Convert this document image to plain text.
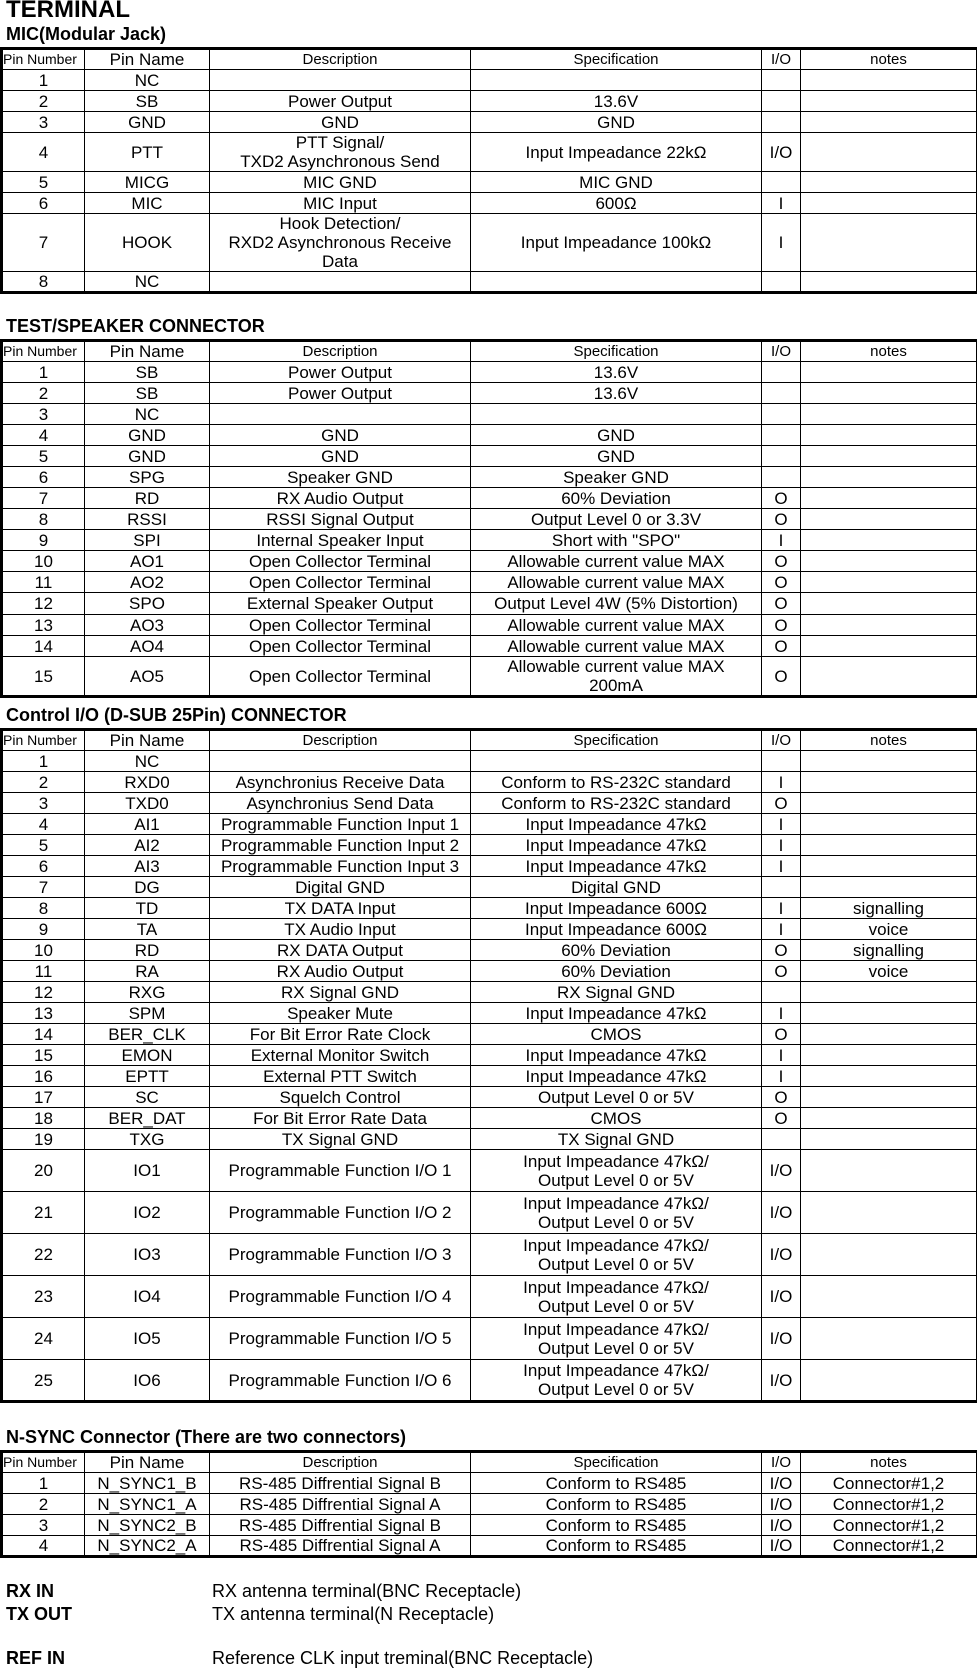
TERMINAL
MIC(Modular Jack)
Pin Number	Pin Name	Description	Specification	I/O	notes
1	NC				
2	SB	Power Output	13.6V		
3	GND	GND	GND		
4	PTT	PTT Signal/
TXD2 Asynchronous Send	Input Impeadance 22kΩ	I/O	
5	MICG	MIC GND	MIC GND		
6	MIC	MIC Input	600Ω	I	
7	HOOK	Hook Detection/
RXD2 Asynchronous Receive
Data	Input Impeadance 100kΩ	I	
8	NC				
TEST/SPEAKER CONNECTOR
Pin Number	Pin Name	Description	Specification	I/O	notes
1	SB	Power Output	13.6V		
2	SB	Power Output	13.6V		
3	NC				
4	GND	GND	GND		
5	GND	GND	GND		
6	SPG	Speaker GND	Speaker GND		
7	RD	RX Audio Output	60% Deviation	O	
8	RSSI	RSSI Signal Output	Output Level 0 or 3.3V	O	
9	SPI	Internal Speaker Input	Short with "SPO"	I	
10	AO1	Open Collector Terminal	Allowable current value MAX	O	
11	AO2	Open Collector Terminal	Allowable current value MAX	O	
12	SPO	External Speaker Output	Output Level 4W (5% Distortion)	O	
13	AO3	Open Collector Terminal	Allowable current value MAX	O	
14	AO4	Open Collector Terminal	Allowable current value MAX	O	
15	AO5	Open Collector Terminal	Allowable current value MAX
200mA	O	
Control I/O (D-SUB 25Pin) CONNECTOR
Pin Number	Pin Name	Description	Specification	I/O	notes
1	NC				
2	RXD0	Asynchronius Receive Data	Conform to RS-232C standard	I	
3	TXD0	Asynchronius Send Data	Conform to RS-232C standard	O	
4	AI1	Programmable Function Input 1	Input Impeadance 47kΩ	I	
5	AI2	Programmable Function Input 2	Input Impeadance 47kΩ	I	
6	AI3	Programmable Function Input 3	Input Impeadance 47kΩ	I	
7	DG	Digital GND	Digital GND		
8	TD	TX DATA Input	Input Impeadance 600Ω	I	signalling
9	TA	TX Audio Input	Input Impeadance 600Ω	I	voice
10	RD	RX DATA Output	60% Deviation	O	signalling
11	RA	RX Audio Output	60% Deviation	O	voice
12	RXG	RX Signal GND	RX Signal GND		
13	SPM	Speaker Mute	Input Impeadance 47kΩ	I	
14	BER_CLK	For Bit Error Rate Clock	CMOS	O	
15	EMON	External Monitor Switch	Input Impeadance 47kΩ	I	
16	EPTT	External PTT Switch	Input Impeadance 47kΩ	I	
17	SC	Squelch Control	Output Level 0 or 5V	O	
18	BER_DAT	For Bit Error Rate Data	CMOS	O	
19	TXG	TX Signal GND	TX Signal GND		
20	IO1	Programmable Function I/O 1	Input Impeadance 47kΩ/
Output Level 0 or 5V	I/O	
21	IO2	Programmable Function I/O 2	Input Impeadance 47kΩ/
Output Level 0 or 5V	I/O	
22	IO3	Programmable Function I/O 3	Input Impeadance 47kΩ/
Output Level 0 or 5V	I/O	
23	IO4	Programmable Function I/O 4	Input Impeadance 47kΩ/
Output Level 0 or 5V	I/O	
24	IO5	Programmable Function I/O 5	Input Impeadance 47kΩ/
Output Level 0 or 5V	I/O	
25	IO6	Programmable Function I/O 6	Input Impeadance 47kΩ/
Output Level 0 or 5V	I/O	
N-SYNC Connector (There are two connectors)
Pin Number	Pin Name	Description	Specification	I/O	notes
1	N_SYNC1_B	RS-485 Diffrential Signal B	Conform to RS485	I/O	Connector#1,2
2	N_SYNC1_A	RS-485 Diffrential Signal A	Conform to RS485	I/O	Connector#1,2
3	N_SYNC2_B	RS-485 Diffrential Signal B	Conform to RS485	I/O	Connector#1,2
4	N_SYNC2_A	RS-485 Diffrential Signal A	Conform to RS485	I/O	Connector#1,2
RX IN	RX antenna terminal(BNC Receptacle)
TX OUT	TX antenna terminal(N Receptacle)
REF IN	Reference CLK input treminal(BNC Receptacle)
